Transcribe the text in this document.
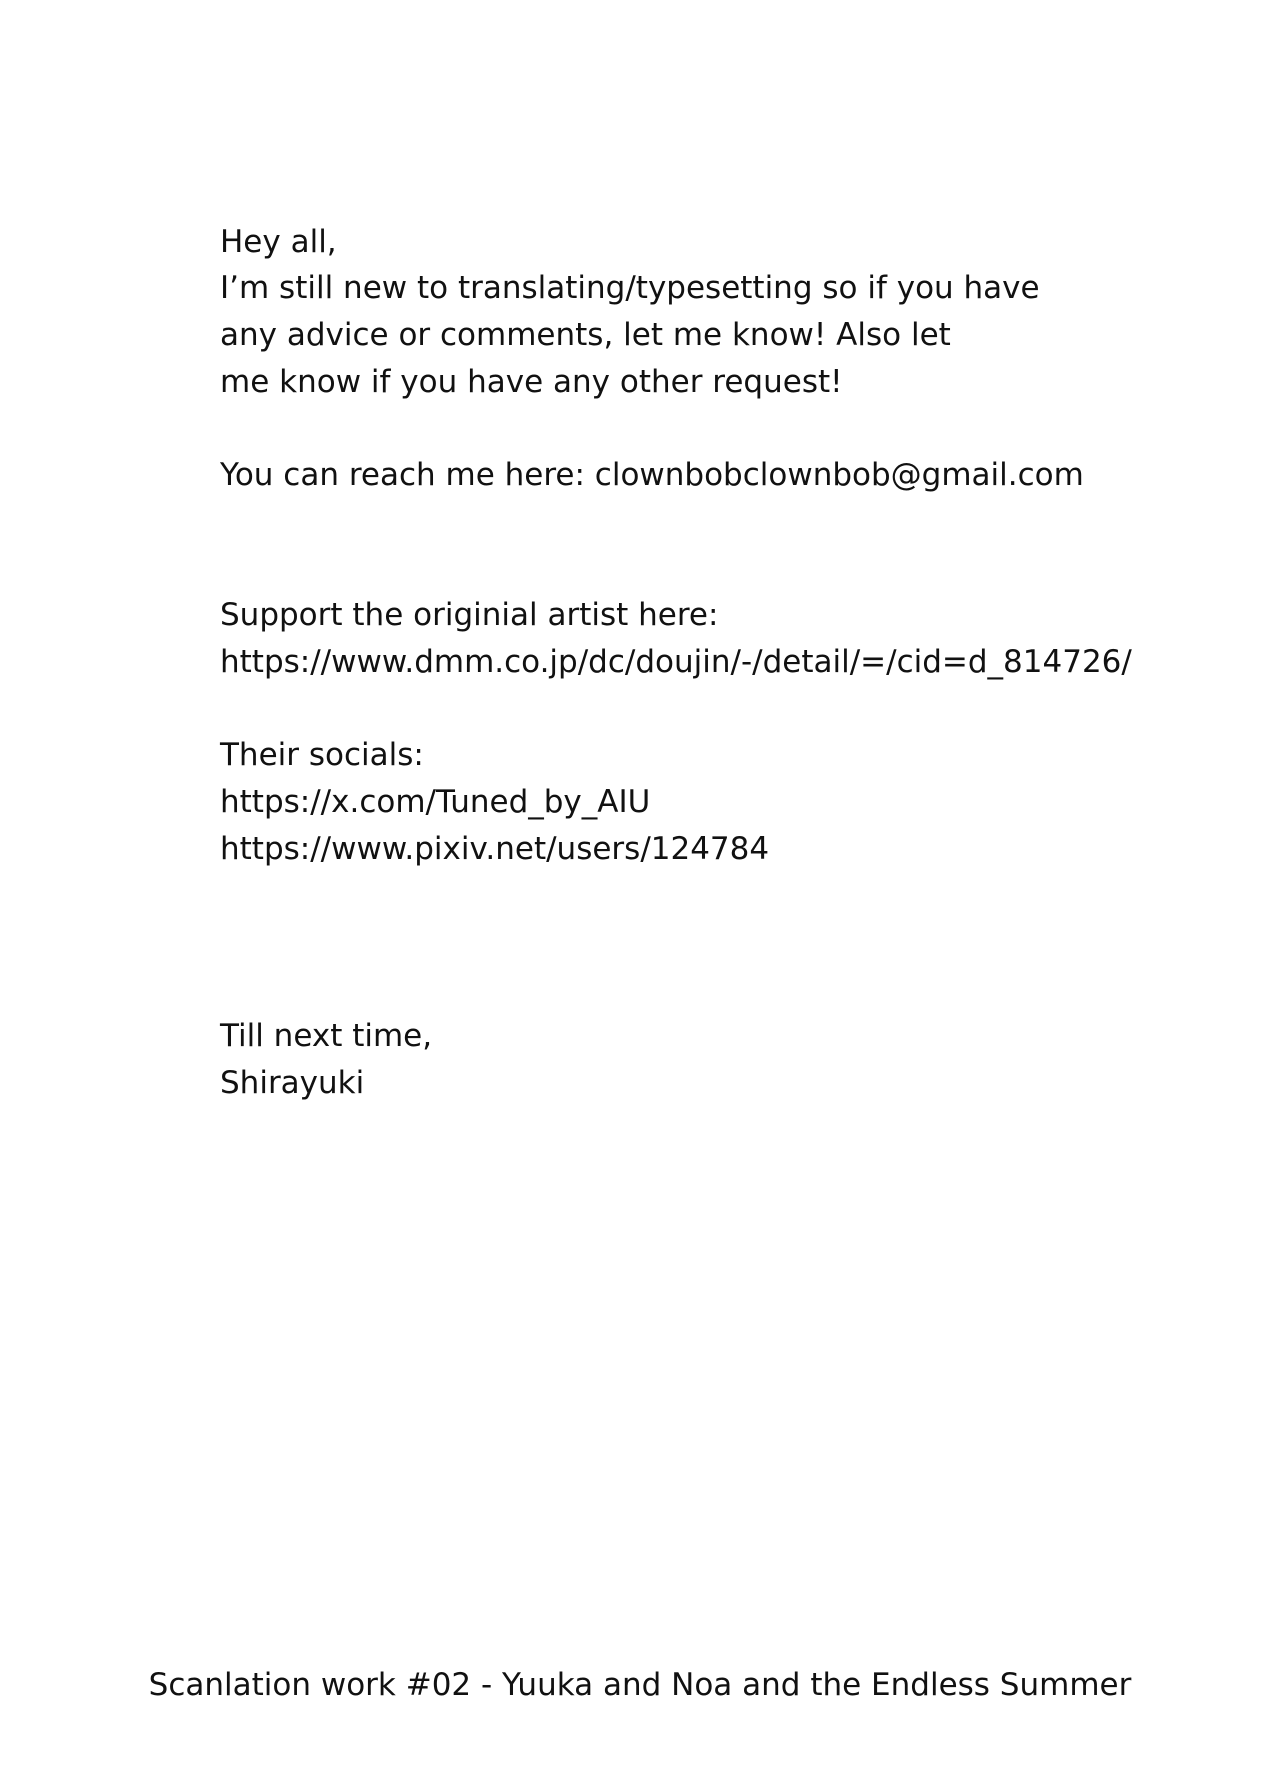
Hey all,
I’m still new to translating/typesetting so if you have
any advice or comments, let me know! Also let
me know if you have any other request!
You can reach me here: clownbobclownbob@gmail.com
Support the originial artist here:
https://www.dmm.co.jp/dc/doujin/-/detail/=/cid=d_814726/
Their socials:
https://x.com/Tuned_by_AIU
https://www.pixiv.net/users/124784
Till next time,
Shirayuki
Scanlation work #02 - Yuuka and Noa and the Endless Summer
